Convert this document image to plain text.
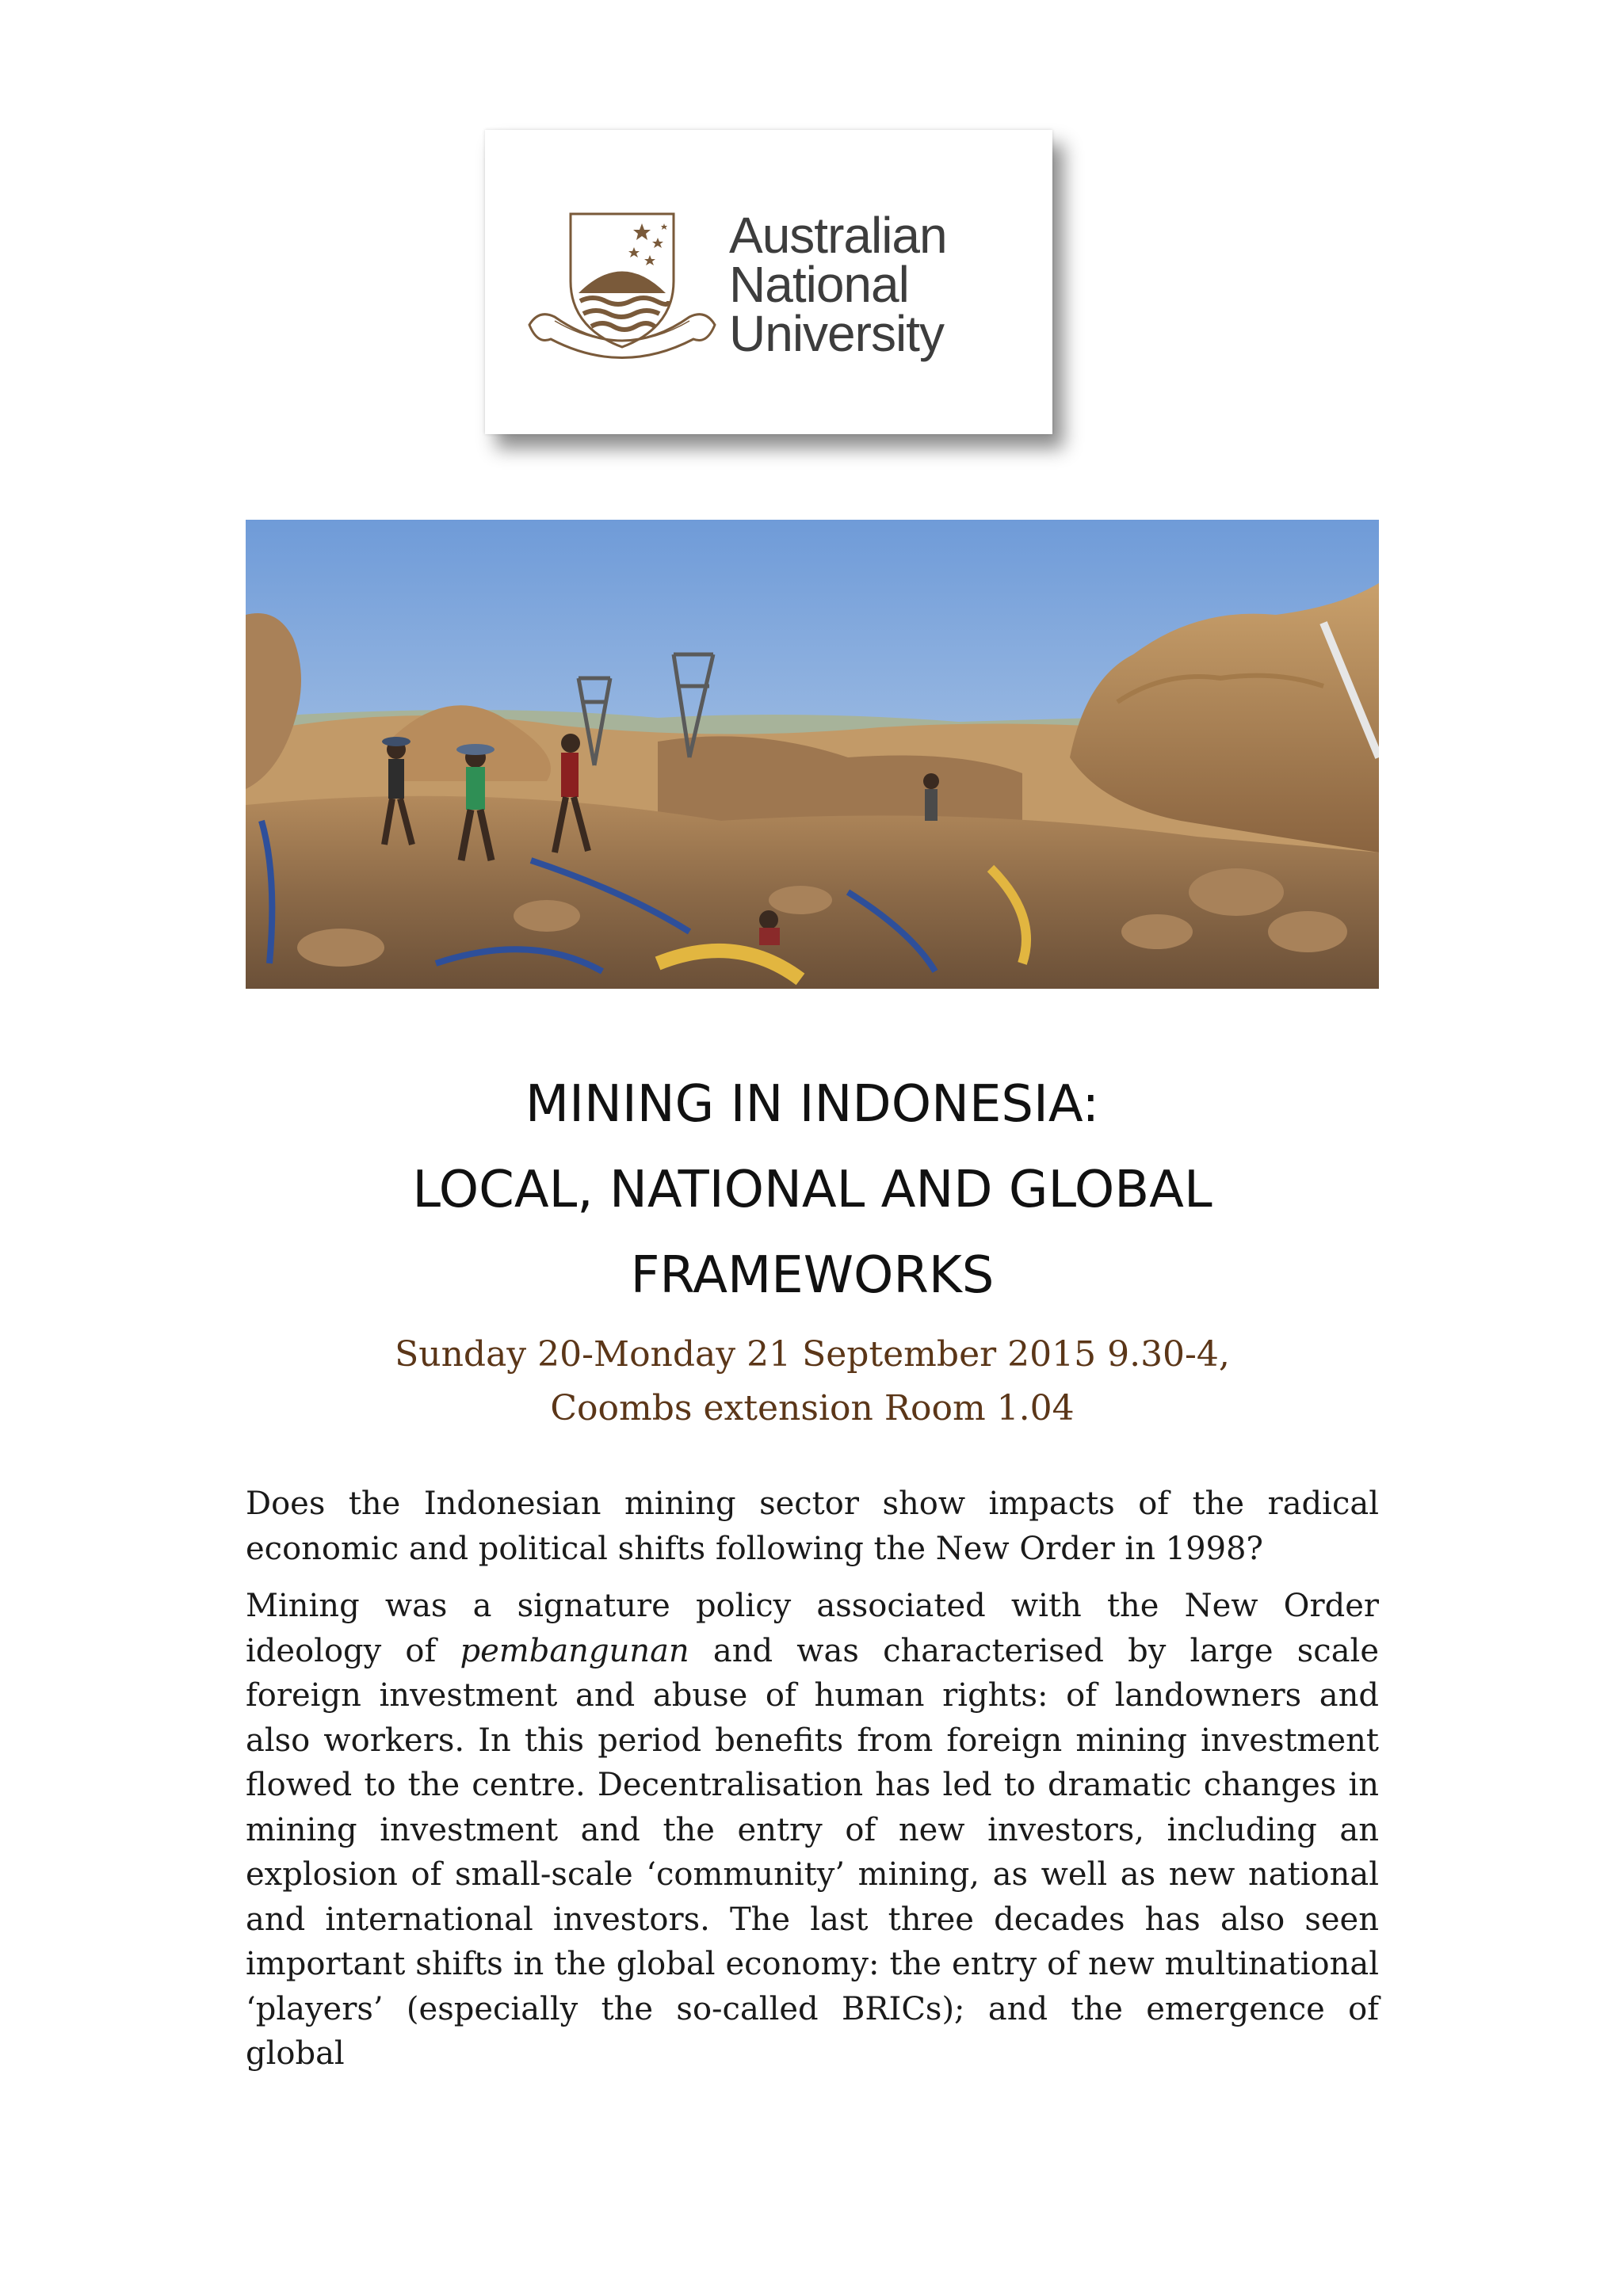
Australian
National
University
MINING IN INDONESIA:
LOCAL, NATIONAL AND GLOBAL
FRAMEWORKS
Sunday 20-Monday 21 September 2015 9.30-4,
Coombs extension Room 1.04

Does the Indonesian mining sector show impacts of the radical economic and political shifts following the New Order in 1998?

Mining was a signature policy associated with the New Order ideology of pembangunan and was characterised by large scale foreign investment and abuse of human rights: of landowners and also workers. In this period benefits from foreign mining investment flowed to the centre. Decentralisation has led to dramatic changes in mining investment and the entry of new investors, including an explosion of small-scale ‘community’ mining, as well as new national and international investors. The last three decades has also seen important shifts in the global economy: the entry of new multinational ‘players’ (especially the so-called BRICs); and the emergence of global
